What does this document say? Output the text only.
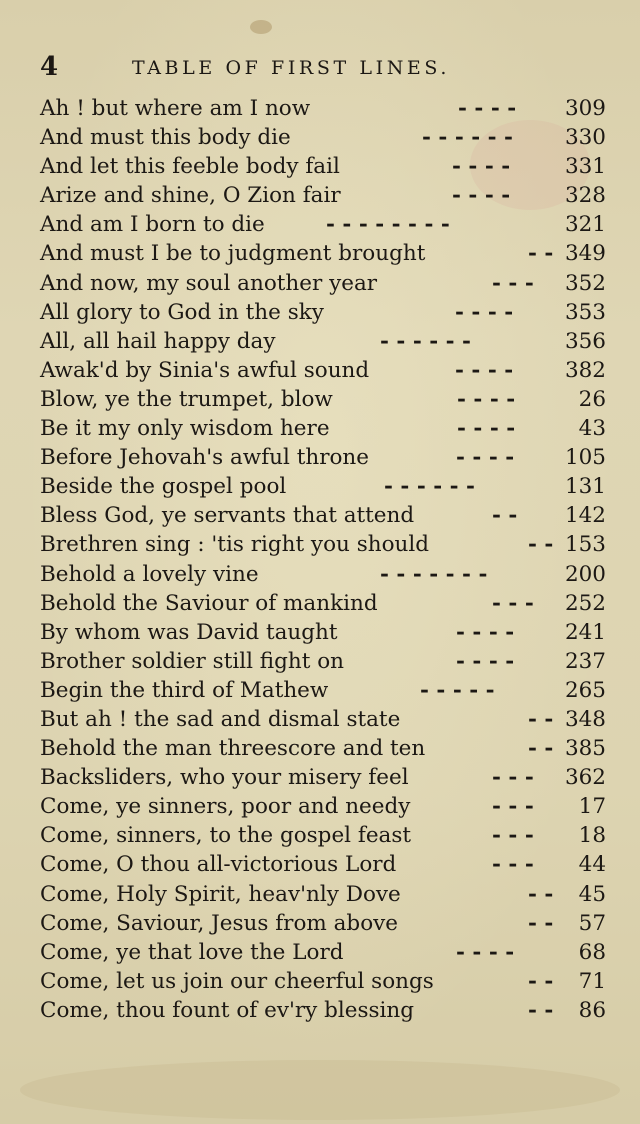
4	TABLE OF FIRST LINES.
Ah ! but where am I now	- - - - 309
And must this body die	- - - - - - 330
And let this feeble body fail	- - - -	331
Arize and shine, O Zion fair	- - - -	328
And am I born to die	- - - - - - - -	321
And must I be to judgment brought	- - 349
And now, my soul another year	- - - 352
All glory to God in the sky	- - - - 353
All, all hail happy day	- - - - - -	356
Awak'd by Sinia's awful sound	- - - - 382
Blow, ye the trumpet, blow	- - - -	26
Be it my only wisdom here	- - - -	43
Before Jehovah's awful throne	- - - - 105
Beside the gospel pool	- - - - - -	131
Bless God, ye servants that attend	- - 142
Brethren sing : 'tis right you should	- - 153
Behold a lovely vine	- - - - - - -	200
Behold the Saviour of mankind	- - - 252
By whom was David taught	- - - - 241
Brother soldier still fight on	- - - - 237
Begin the third of Mathew	- - - - -	265
But ah ! the sad and dismal state	- - 348
Behold the man threescore and ten	- - 385
Backsliders, who your misery feel	- - - 362
Come, ye sinners, poor and needy	- - - 17
Come, sinners, to the gospel feast	- - - 18
Come, O thou all-victorious Lord	- - - 44
Come, Holy Spirit, heav'nly Dove	- - 45
Come, Saviour, Jesus from above	- - 57
Come, ye that love the Lord	- - - -	68
Come, let us join our cheerful songs	- - 71
Come, thou fount of ev'ry blessing	- - 86
